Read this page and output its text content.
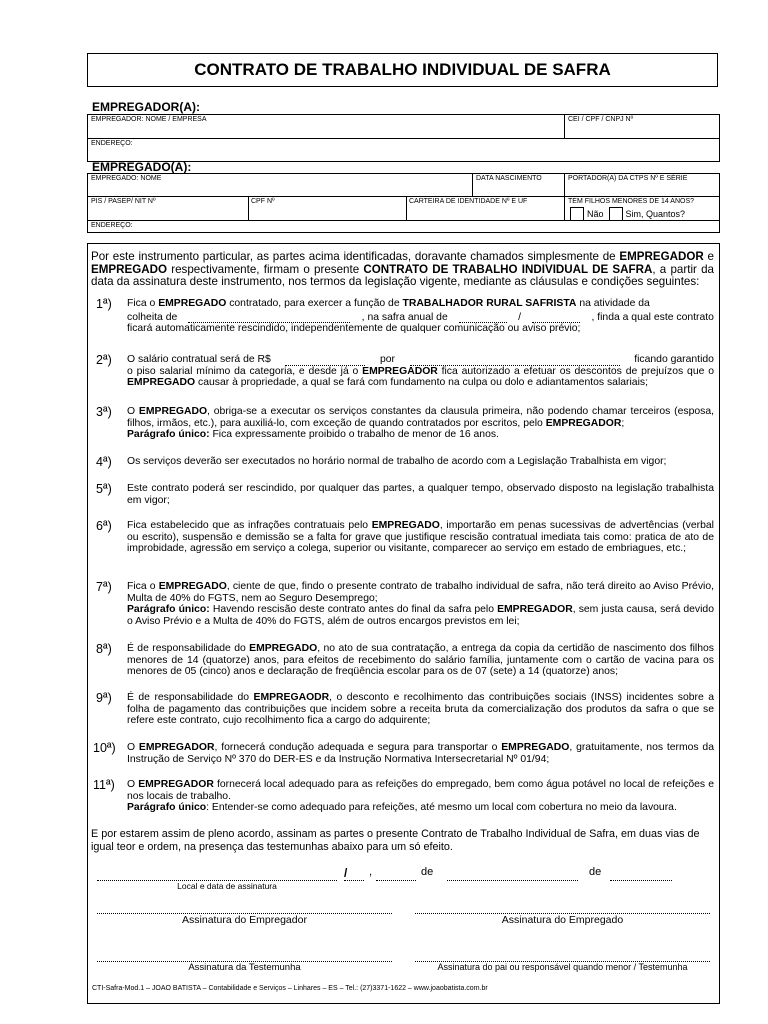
CONTRATO DE TRABALHO INDIVIDUAL DE SAFRA
EMPREGADOR(A):
EMPREGADOR: NOME / EMPRESA	CEI / CPF / CNPJ Nº
ENDEREÇO:
EMPREGADO(A):
EMPREGADO: NOME	DATA NASCIMENTO	PORTADOR(A) DA CTPS Nº E SÉRIE
PIS / PASEP/ NIT Nº	CPF Nº	CARTEIRA DE IDENTIDADE Nº E UF	TEM FILHOS MENORES DE 14 ANOS?
Não Sim, Quantos?
ENDEREÇO:
Por este instrumento particular, as partes acima identificadas, doravante chamados simplesmente de EMPREGADOR e EMPREGADO respectivamente, firmam o presente CONTRATO DE TRABALHO INDIVIDUAL DE SAFRA, a partir da data da assinatura deste instrumento, nos termos da legislação vigente, mediante as cláusulas e condições seguintes:
1ª) Fica o EMPREGADO contratado, para exercer a função de TRABALHADOR RURAL SAFRISTA na atividade da
colheita de	, na safra anual de	/	, finda a qual este contrato
ficará automaticamente rescindido, independentemente de qualquer comunicação ou aviso prévio;
2ª) O salário contratual será de R$	por	ficando garantido
o piso salarial mínimo da categoria, e desde já o EMPREGADOR fica autorizado a efetuar os descontos de prejuízos que o EMPREGADO causar à propriedade, a qual se fará com fundamento na culpa ou dolo e adiantamentos salariais;
3ª) O EMPREGADO, obriga-se a executar os serviços constantes da clausula primeira, não podendo chamar terceiros (esposa, filhos, irmãos, etc.), para auxiliá-lo, com exceção de quando contratados por escritos, pelo EMPREGADOR;
Parágrafo único: Fica expressamente proibido o trabalho de menor de 16 anos.
4ª) Os serviços deverão ser executados no horário normal de trabalho de acordo com a Legislação Trabalhista em vigor;
5ª) Este contrato poderá ser rescindido, por qualquer das partes, a qualquer tempo, observado disposto na legislação trabalhista em vigor;
6ª) Fica estabelecido que as infrações contratuais pelo EMPREGADO, importarão em penas sucessivas de advertências (verbal ou escrito), suspensão e demissão se a falta for grave que justifique rescisão contratual imediata tais como: pratica de ato de improbidade, agressão em serviço a colega, superior ou visitante, comparecer ao serviço em estado de embriagues, etc.;
7ª) Fica o EMPREGADO, ciente de que, findo o presente contrato de trabalho individual de safra, não terá direito ao Aviso Prévio, Multa de 40% do FGTS, nem ao Seguro Desemprego;
Parágrafo único: Havendo rescisão deste contrato antes do final da safra pelo EMPREGADOR, sem justa causa, será devido o Aviso Prévio e a Multa de 40% do FGTS, além de outros encargos previstos em lei;
8ª) É de responsabilidade do EMPREGADO, no ato de sua contratação, a entrega da copia da certidão de nascimento dos filhos menores de 14 (quatorze) anos, para efeitos de recebimento do salário família, juntamente com o cartão de vacina para os menores de 05 (cinco) anos e declaração de freqüência escolar para os de 07 (sete) a 14 (quatorze) anos;
9ª) É de responsabilidade do EMPREGAODR, o desconto e recolhimento das contribuições sociais (INSS) incidentes sobre a folha de pagamento das contribuições que incidem sobre a receita bruta da comercialização dos produtos da safra o que se refere este contrato, cujo recolhimento fica a cargo do adquirente;
10ª) O EMPREGADOR, fornecerá condução adequada e segura para transportar o EMPREGADO, gratuitamente, nos termos da Instrução de Serviço Nº 370 do DER-ES e da Instrução Normativa Intersecretarial Nº 01/94;
11ª) O EMPREGADOR fornecerá local adequado para as refeições do empregado, bem como água potável no local de refeições e nos locais de trabalho.
Parágrafo único: Entender-se como adequado para refeições, até mesmo um local com cobertura no meio da lavoura.
E por estarem assim de pleno acordo, assinam as partes o presente Contrato de Trabalho Individual de Safra, em duas vias de igual teor e ordem, na presença das testemunhas abaixo para um só efeito.
/ ,	de	de
Local e data de assinatura
Assinatura do Empregador	Assinatura do Empregado
Assinatura da Testemunha	Assinatura do pai ou responsável quando menor / Testemunha
CTI-Safra-Mod.1 – JOAO BATISTA – Contabilidade e Serviços – Linhares – ES – Tel.: (27)3371-1622 – www.joaobatista.com.br
